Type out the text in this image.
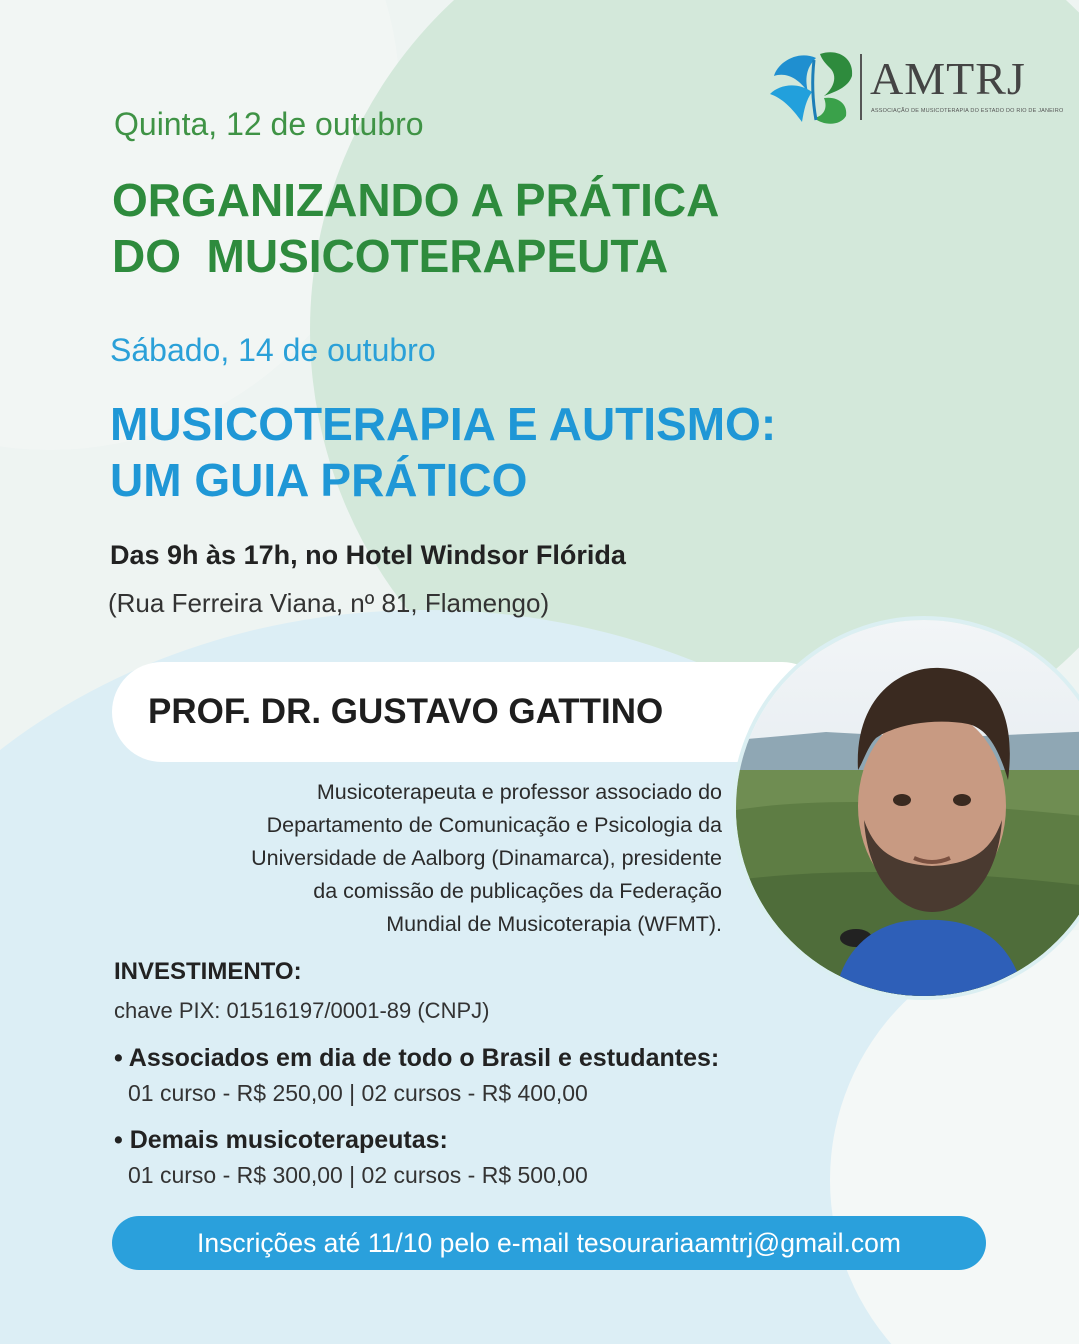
AMTRJ
ASSOCIAÇÃO DE MUSICOTERAPIA DO ESTADO DO RIO DE JANEIRO
Quinta, 12 de outubro
ORGANIZANDO A PRÁTICA
DO  MUSICOTERAPEUTA
Sábado, 14 de outubro
MUSICOTERAPIA E AUTISMO:
UM GUIA PRÁTICO
Das 9h às 17h, no Hotel Windsor Flórida
(Rua Ferreira Viana, nº 81, Flamengo)
PROF. DR. GUSTAVO GATTINO
Musicoterapeuta e professor associado do
Departamento de Comunicação e Psicologia da
Universidade de Aalborg (Dinamarca), presidente
da comissão de publicações da Federação
Mundial de Musicoterapia (WFMT).
INVESTIMENTO:
chave PIX: 01516197/0001-89 (CNPJ)
• Associados em dia de todo o Brasil e estudantes:
01 curso - R$ 250,00 | 02 cursos - R$ 400,00
• Demais musicoterapeutas:
01 curso - R$ 300,00 | 02 cursos - R$ 500,00
Inscrições até 11/10 pelo e-mail tesourariaamtrj@gmail.com
